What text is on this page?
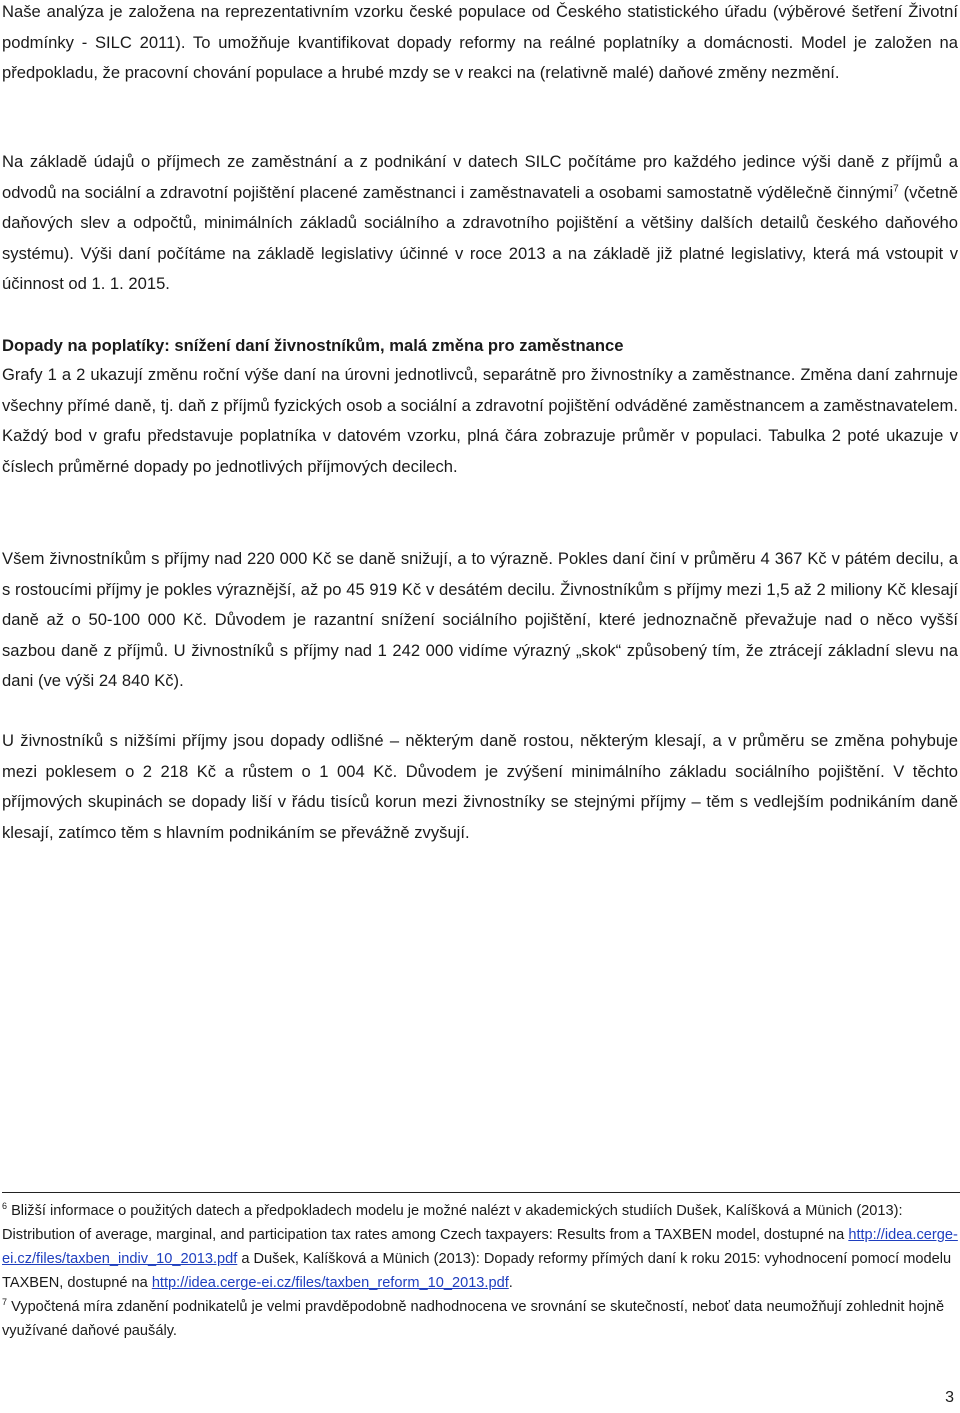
Naše analýza je založena na reprezentativním vzorku české populace od Českého statistického úřadu (výběrové šetření Životní podmínky - SILC 2011). To umožňuje kvantifikovat dopady reformy na reálné poplatníky a domácnosti. Model je založen na předpokladu, že pracovní chování populace a hrubé mzdy se v reakci na (relativně malé) daňové změny nezmění.

Na základě údajů o příjmech ze zaměstnání a z podnikání v datech SILC počítáme pro každého jedince výši daně z příjmů a odvodů na sociální a zdravotní pojištění placené zaměstnanci i zaměstnavateli a osobami samostatně výdělečně činnými$^7$ (včetně daňových slev a odpočtů, minimálních základů sociálního a zdravotního pojištění a většiny dalších detailů českého daňového systému). Výši daní počítáme na základě legislativy účinné v roce 2013 a na základě již platné legislativy, která má vstoupit v účinnost od 1. 1. 2015.

Dopady na poplatíky: snížení daní živnostníkům, malá změna pro zaměstnance

Grafy 1 a 2 ukazují změnu roční výše daní na úrovni jednotlivců, separátně pro živnostníky a zaměstnance. Změna daní zahrnuje všechny přímé daně, tj. daň z příjmů fyzických osob a sociální a zdravotní pojištění odváděné zaměstnancem a zaměstnavatelem. Každý bod v grafu představuje poplatníka v datovém vzorku, plná čára zobrazuje průměr v populaci. Tabulka 2 poté ukazuje v číslech průměrné dopady po jednotlivých příjmových decilech.

Všem živnostníkům s příjmy nad 220 000 Kč se daně snižují, a to výrazně. Pokles daní činí v průměru 4 367 Kč v pátém decilu, a s rostoucími příjmy je pokles výraznější, až po 45 919 Kč v desátém decilu. Živnostníkům s příjmy mezi 1,5 až 2 miliony Kč klesají daně až o 50-100 000 Kč. Důvodem je razantní snížení sociálního pojištění, které jednoznačně převažuje nad o něco vyšší sazbou daně z příjmů. U živnostníků s příjmy nad 1 242 000 vidíme výrazný „skok“ způsobený tím, že ztrácejí základní slevu na dani (ve výši 24 840 Kč).

U živnostníků s nižšími příjmy jsou dopady odlišné – některým daně rostou, některým klesají, a v průměru se změna pohybuje mezi poklesem o 2 218 Kč a růstem o 1 004 Kč. Důvodem je zvýšení minimálního základu sociálního pojištění. V těchto příjmových skupinách se dopady liší v řádu tisíců korun mezi živnostníky se stejnými příjmy – těm s vedlejším podnikáním daně klesají, zatímco těm s hlavním podnikáním se převážně zvyšují.

$^6$ Bližší informace o použitých datech a předpokladech modelu je možné nalézt v akademických studiích Dušek, Kalíšková a Münich (2013): Distribution of average, marginal, and participation tax rates among Czech taxpayers: Results from a TAXBEN model, dostupné na http://idea.cerge-ei.cz/files/taxben_indiv_10_2013.pdf a Dušek, Kalíšková a Münich (2013): Dopady reformy přímých daní k roku 2015: vyhodnocení pomocí modelu TAXBEN, dostupné na http://idea.cerge-ei.cz/files/taxben_reform_10_2013.pdf.

$^7$ Vypočtená míra zdanění podnikatelů je velmi pravděpodobně nadhodnocena ve srovnání se skutečností, neboť data neumožňují zohlednit hojně využívané daňové paušály.

3
